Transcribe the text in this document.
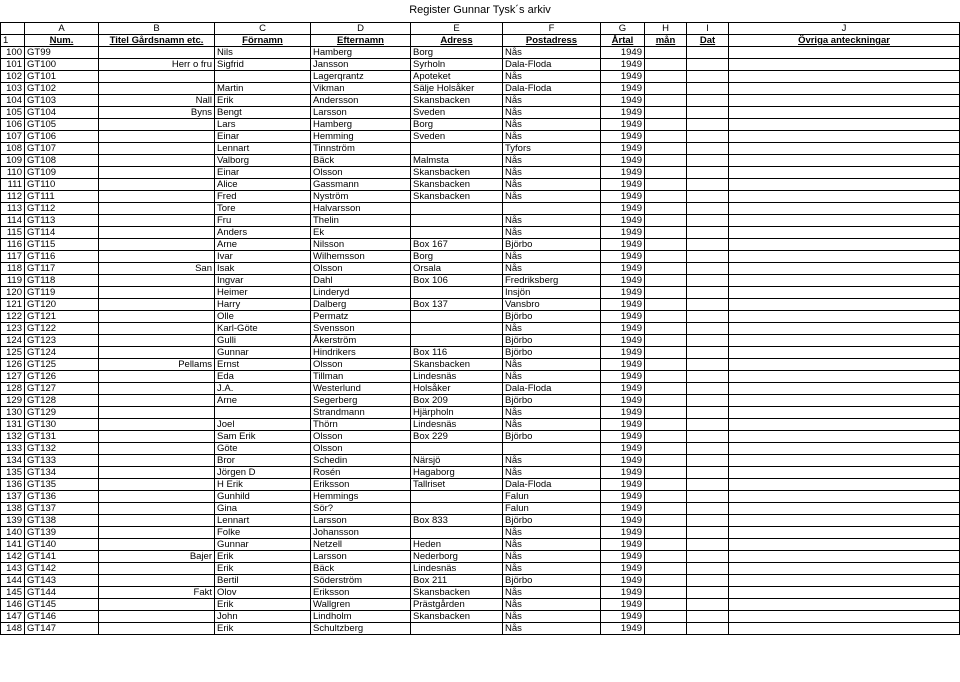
Register Gunnar Tysk´s arkiv
	A	B	C	D	E	F	G	H	I	J
1	Num.	Titel Gårdsnamn etc.	Förnamn	Efternamn	Adress	Postadress	Årtal	mån	Dat	Övriga anteckningar
100	GT99		Nils	Hamberg	Borg	Nås	1949			
101	GT100	Herr o fru	Sigfrid	Jansson	Syrholn	Dala-Floda	1949			
102	GT101			Lagerqrantz	Apoteket	Nås	1949			
103	GT102		Martin	Vikman	Sälje Holsåker	Dala-Floda	1949			
104	GT103	Nall	Erik	Andersson	Skansbacken	Nås	1949			
105	GT104	Byns	Bengt	Larsson	Sveden	Nås	1949			
106	GT105		Lars	Hamberg	Borg	Nås	1949			
107	GT106		Einar	Hemming	Sveden	Nås	1949			
108	GT107		Lennart	Tinnström		Tyfors	1949			
109	GT108		Valborg	Bäck	Malmsta	Nås	1949			
110	GT109		Einar	Olsson	Skansbacken	Nås	1949			
111	GT110		Alice	Gassmann	Skansbacken	Nås	1949			
112	GT111		Fred	Nyström	Skansbacken	Nås	1949			
113	GT112		Tore	Halvarsson			1949			
114	GT113		Fru	Thelin		Nås	1949			
115	GT114		Anders	Ek		Nås	1949			
116	GT115		Arne	Nilsson	Box 167	Björbo	1949			
117	GT116		Ivar	Wilhemsson	Borg	Nås	1949			
118	GT117	San	Isak	Olsson	Orsala	Nås	1949			
119	GT118		Ingvar	Dahl	Box 106	Fredriksberg	1949			
120	GT119		Heimer	Linderyd		Insjön	1949			
121	GT120		Harry	Dalberg	Box 137	Vansbro	1949			
122	GT121		Olle	Permatz		Björbo	1949			
123	GT122		Karl-Göte	Svensson		Nås	1949			
124	GT123		Gulli	Åkerström		Björbo	1949			
125	GT124		Gunnar	Hindrikers	Box 116	Björbo	1949			
126	GT125	Pellams	Ernst	Olsson	Skansbacken	Nås	1949			
127	GT126		Eda	Tillman	Lindesnäs	Nås	1949			
128	GT127		J.A.	Westerlund	Holsåker	Dala-Floda	1949			
129	GT128		Arne	Segerberg	Box 209	Björbo	1949			
130	GT129			Strandmann	Hjärpholn	Nås	1949			
131	GT130		Joel	Thörn	Lindesnäs	Nås	1949			
132	GT131		Sam Erik	Olsson	Box 229	Björbo	1949			
133	GT132		Göte	Olsson			1949			
134	GT133		Bror	Schedin	Närsjö	Nås	1949			
135	GT134		Jörgen D	Rosén	Hagaborg	Nås	1949			
136	GT135		H Erik	Eriksson	Tallriset	Dala-Floda	1949			
137	GT136		Gunhild	Hemmings		Falun	1949			
138	GT137		Gina	Sör?		Falun	1949			
139	GT138		Lennart	Larsson	Box 833	Björbo	1949			
140	GT139		Folke	Johansson		Nås	1949			
141	GT140		Gunnar	Netzell	Heden	Nås	1949			
142	GT141	Bajer	Erik	Larsson	Nederborg	Nås	1949			
143	GT142		Erik	Bäck	Lindesnäs	Nås	1949			
144	GT143		Bertil	Söderström	Box 211	Björbo	1949			
145	GT144	Fakt	Olov	Eriksson	Skansbacken	Nås	1949			
146	GT145		Erik	Wallgren	Prästgården	Nås	1949			
147	GT146		John	Lindholm	Skansbacken	Nås	1949			
148	GT147		Erik	Schultzberg		Nås	1949			
